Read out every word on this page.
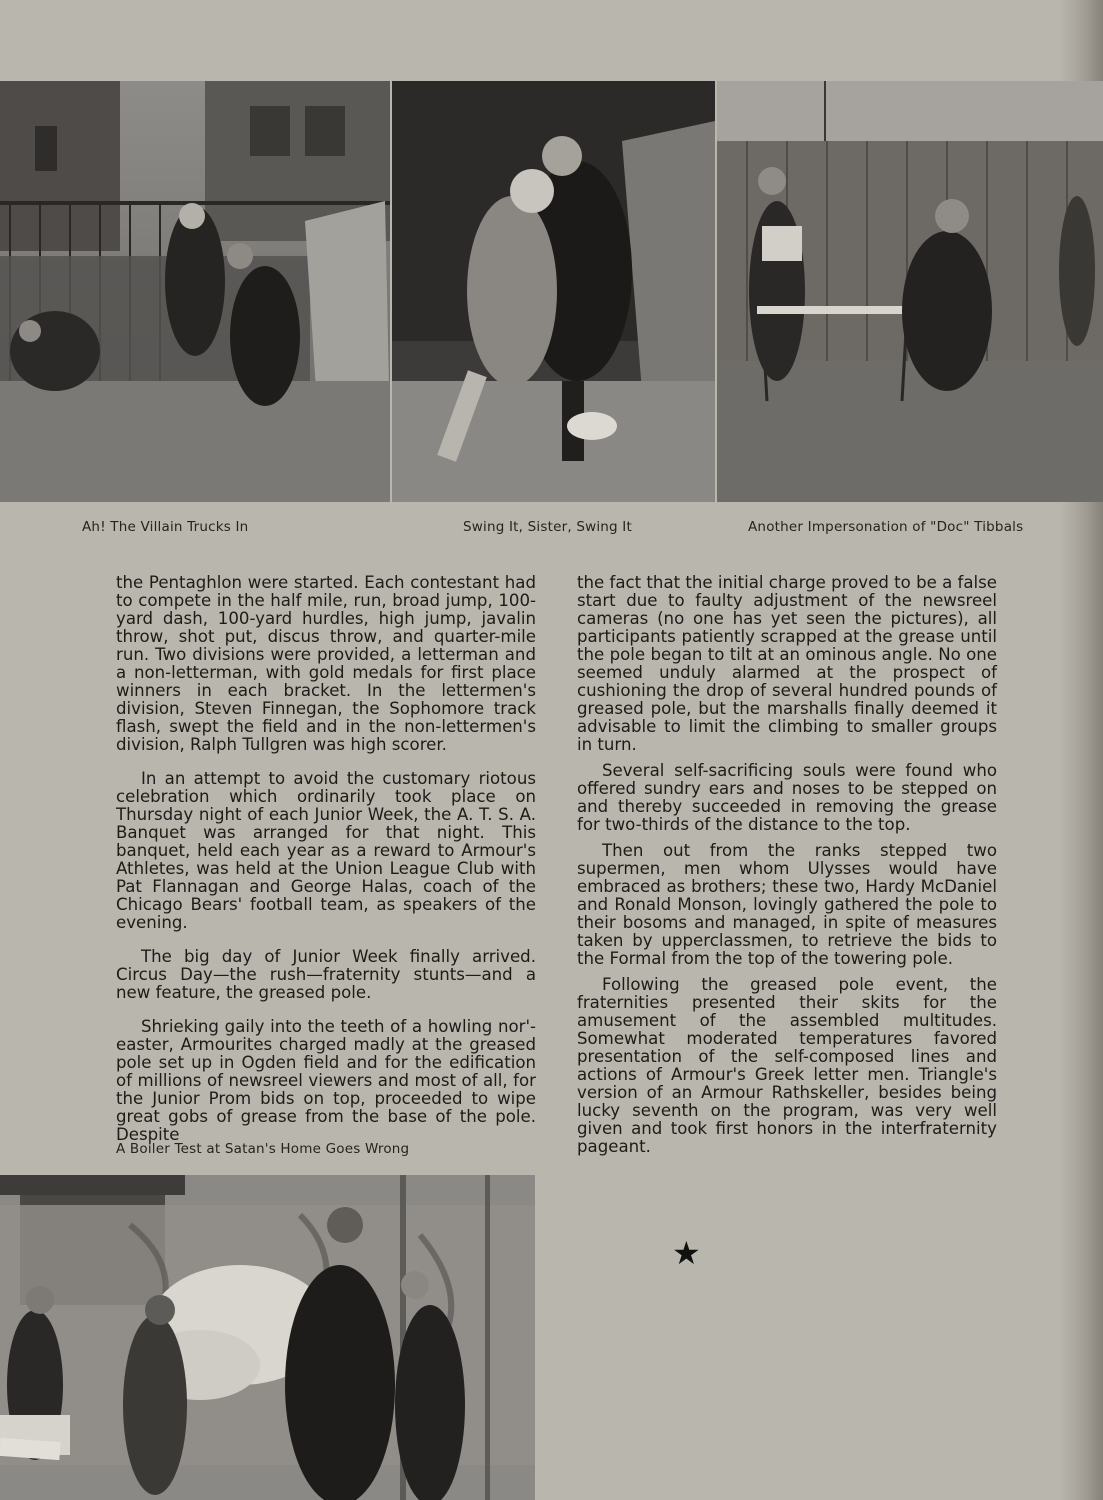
Ah! The Villain Trucks In	Swing It, Sister, Swing It	Another Impersonation of "Doc" Tibbals

the Pentaghlon were started. Each contestant had to compete in the half mile, run, broad jump, 100-yard dash, 100-yard hurdles, high jump, javalin throw, shot put, discus throw, and quarter-mile run. Two divisions were provided, a letterman and a non-letterman, with gold medals for first place winners in each bracket. In the lettermen's division, Steven Finnegan, the Sophomore track flash, swept the field and in the non-lettermen's division, Ralph Tullgren was high scorer.

In an attempt to avoid the customary riotous celebration which ordinarily took place on Thursday night of each Junior Week, the A. T. S. A. Banquet was arranged for that night. This banquet, held each year as a reward to Armour's Athletes, was held at the Union League Club with Pat Flannagan and George Halas, coach of the Chicago Bears' football team, as speakers of the evening.

The big day of Junior Week finally arrived. Circus Day—the rush—fraternity stunts—and a new feature, the greased pole.

Shrieking gaily into the teeth of a howling nor'-easter, Armourites charged madly at the greased pole set up in Ogden field and for the edification of millions of newsreel viewers and most of all, for the Junior Prom bids on top, proceeded to wipe great gobs of grease from the base of the pole. Despite

the fact that the initial charge proved to be a false start due to faulty adjustment of the newsreel cameras (no one has yet seen the pictures), all participants patiently scrapped at the grease until the pole began to tilt at an ominous angle. No one seemed unduly alarmed at the prospect of cushioning the drop of several hundred pounds of greased pole, but the marshalls finally deemed it advisable to limit the climbing to smaller groups in turn.

Several self-sacrificing souls were found who offered sundry ears and noses to be stepped on and thereby succeeded in removing the grease for two-thirds of the distance to the top.

Then out from the ranks stepped two supermen, men whom Ulysses would have embraced as brothers; these two, Hardy McDaniel and Ronald Monson, lovingly gathered the pole to their bosoms and managed, in spite of measures taken by upperclassmen, to retrieve the bids to the Formal from the top of the towering pole.

Following the greased pole event, the fraternities presented their skits for the amusement of the assembled multitudes. Somewhat moderated temperatures favored presentation of the self-composed lines and actions of Armour's Greek letter men. Triangle's version of an Armour Rathskeller, besides being lucky seventh on the program, was very well given and took first honors in the interfraternity pageant.

A Boiler Test at Satan's Home Goes Wrong
★
